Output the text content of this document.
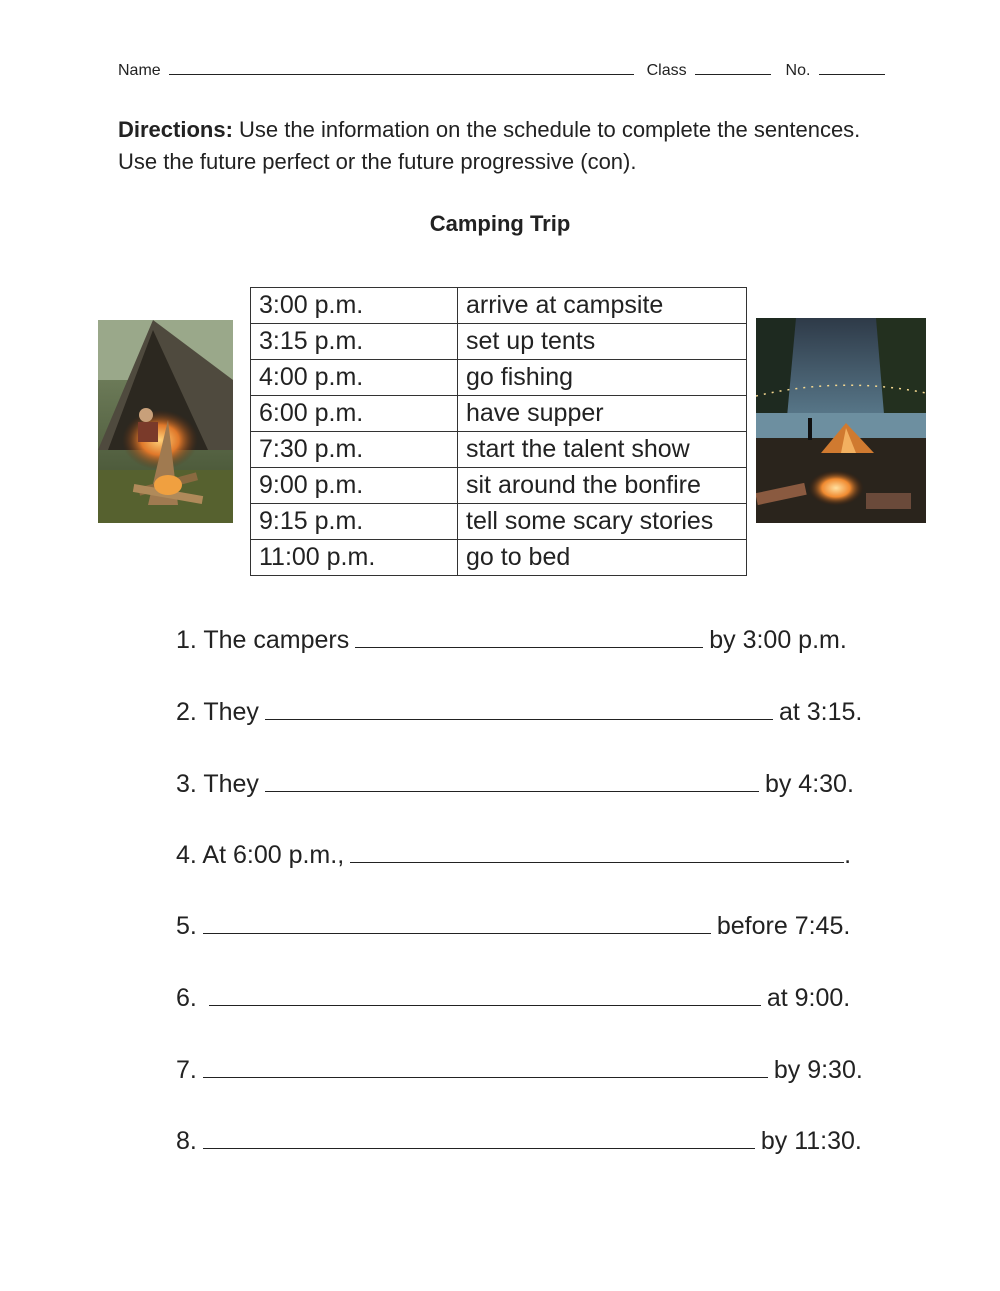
Name	Class	No.
Directions: Use the information on the schedule to complete the sentences. Use the future perfect or the future progressive (con).
Camping Trip
3:00 p.m.	arrive at campsite
3:15 p.m.	set up tents
4:00 p.m.	go fishing
6:00 p.m.	have supper
7:30 p.m.	start the talent show
9:00 p.m.	sit around the bonfire
9:15 p.m.	tell some scary stories
11:00 p.m.	go to bed
1. The campers	by 3:00 p.m.
2. They	at 3:15.
3. They	by 4:30.
4. At 6:00 p.m.,	.
5.	before 7:45.
6.	at 9:00.
7.	by 9:30.
8.	by 11:30.
